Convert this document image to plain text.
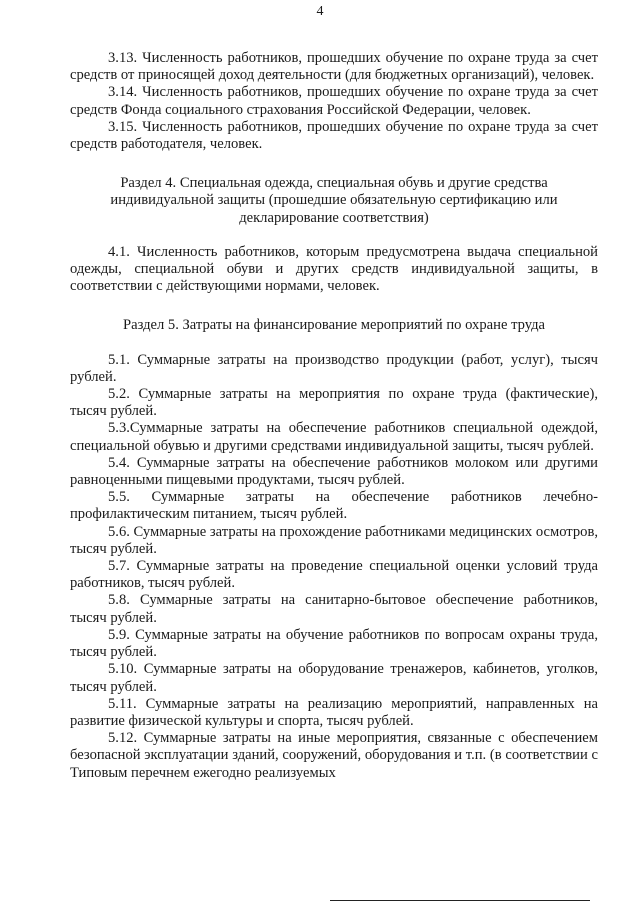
4

3.13. Численность работников, прошедших обучение по охране труда за счет средств от приносящей доход деятельности (для бюджетных организаций), человек.

3.14. Численность работников, прошедших обучение по охране труда за счет средств Фонда социального страхования Российской Федерации, человек.

3.15. Численность работников, прошедших обучение по охране труда за счет средств работодателя, человек.

Раздел 4. Специальная одежда, специальная обувь и другие средства индивидуальной защиты (прошедшие обязательную сертификацию или декларирование соответствия)

4.1. Численность работников, которым предусмотрена выдача специальной одежды, специальной обуви и других средств индивидуальной защиты, в соответствии с действующими нормами, человек.

Раздел 5. Затраты на финансирование мероприятий по охране труда

5.1. Суммарные затраты на производство продукции (работ, услуг), тысяч рублей.

5.2. Суммарные затраты на мероприятия по охране труда (фактические), тысяч рублей.

5.3.Суммарные затраты на обеспечение работников специальной одеждой, специальной обувью и другими средствами индивидуальной защиты, тысяч рублей.

5.4. Суммарные затраты на обеспечение работников молоком или другими равноценными пищевыми продуктами, тысяч рублей.

5.5. Суммарные затраты на обеспечение работников лечебно-профилактическим питанием, тысяч рублей.

5.6. Суммарные затраты на прохождение работниками медицинских осмотров, тысяч рублей.

5.7. Суммарные затраты на проведение специальной оценки условий труда работников, тысяч рублей.

5.8. Суммарные затраты на санитарно-бытовое обеспечение работников, тысяч рублей.

5.9. Суммарные затраты на обучение работников по вопросам охраны труда, тысяч рублей.

5.10. Суммарные затраты на оборудование тренажеров, кабинетов, уголков, тысяч рублей.

5.11. Суммарные затраты на реализацию мероприятий, направленных на развитие физической культуры и спорта, тысяч рублей.

5.12. Суммарные затраты на иные мероприятия, связанные с обеспечением безопасной эксплуатации зданий, сооружений, оборудования и т.п. (в соответствии с Типовым перечнем ежегодно реализуемых
